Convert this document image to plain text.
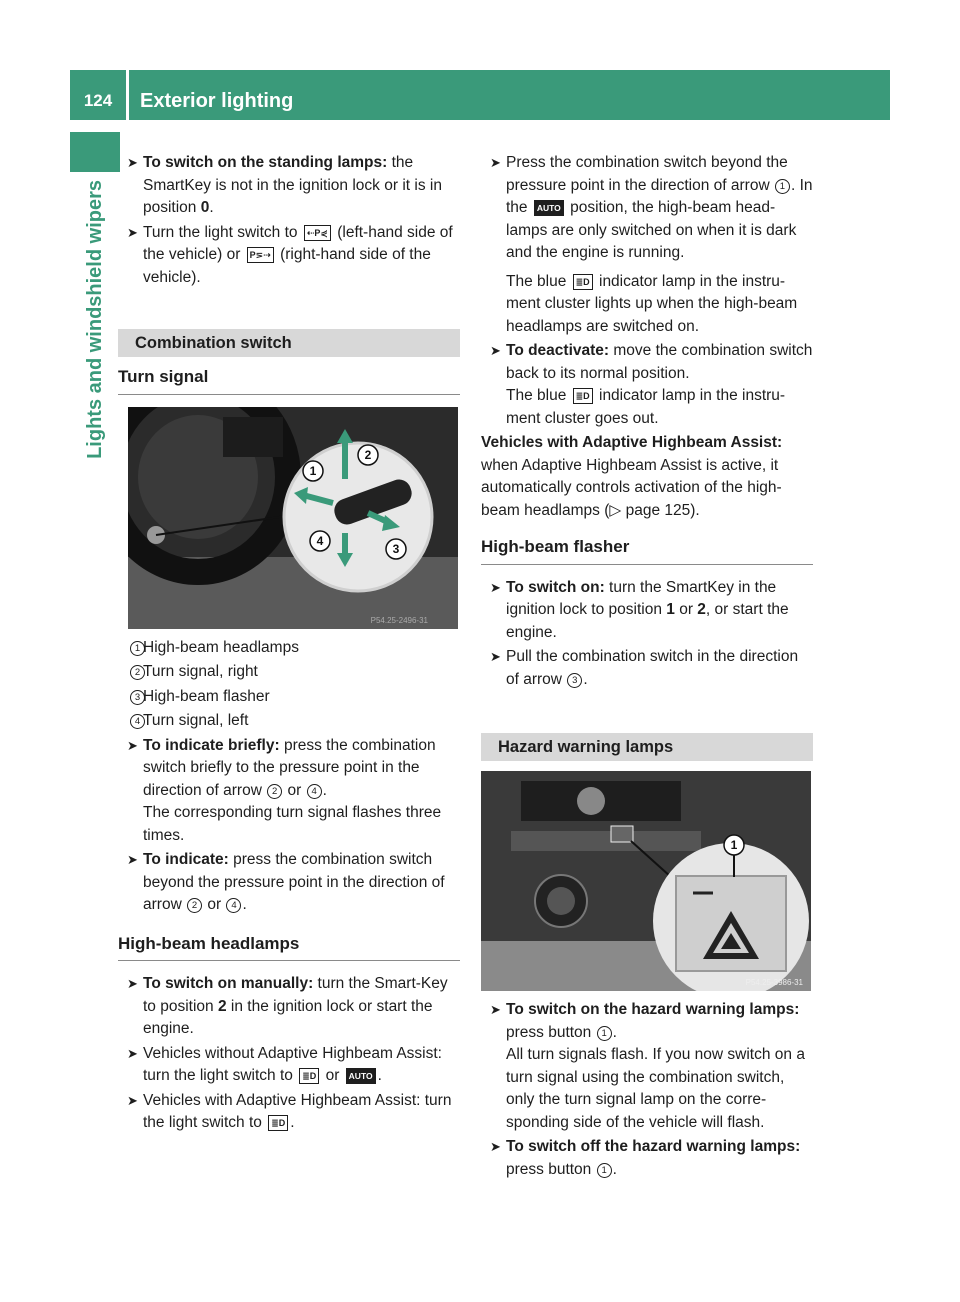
124	Exterior lighting
Lights and windshield wipers
➤ To switch on the standing lamps: the SmartKey is not in the ignition lock or it is in position 0.
➤ Turn the light switch to ⇠P⋞ (left-hand side of the vehicle) or P⋝⇢ (right-hand side of the vehicle).
Combination switch
Turn signal
1
2
3
4
P54.25-2496-31
1 High-beam headlamps
2 Turn signal, right
3 High-beam flasher
4 Turn signal, left
➤ To indicate briefly: press the combination switch briefly to the pressure point in the direction of arrow 2 or 4 .
The corresponding turn signal flashes three times.
➤ To indicate: press the combination switch beyond the pressure point in the direction of arrow 2 or 4 .
High-beam headlamps
➤ To switch on manually: turn the Smart-Key to position 2 in the ignition lock or start the engine.
➤ Vehicles without Adaptive Highbeam Assist: turn the light switch to ≣D or AUTO .
➤ Vehicles with Adaptive Highbeam Assist: turn the light switch to ≣D .
➤ Press the combination switch beyond the pressure point in the direction of arrow 1 . In the AUTO position, the high-beam head-lamps are only switched on when it is dark and the engine is running.
The blue ≣D indicator lamp in the instru-ment cluster lights up when the high-beam headlamps are switched on.
➤ To deactivate: move the combination switch back to its normal position.
The blue ≣D indicator lamp in the instru-ment cluster goes out.
Vehicles with Adaptive Highbeam Assist:
when Adaptive Highbeam Assist is active, it automatically controls activation of the high-beam headlamps (▷ page 125).
High-beam flasher
➤ To switch on: turn the SmartKey in the ignition lock to position 1 or 2, or start the engine.
➤ Pull the combination switch in the direction of arrow 3 .
Hazard warning lamps
1
P54.25-3986-31
➤ To switch on the hazard warning lamps:
press button 1 .
All turn signals flash. If you now switch on a turn signal using the combination switch, only the turn signal lamp on the corre-sponding side of the vehicle will flash.
➤ To switch off the hazard warning lamps:
press button 1 .
